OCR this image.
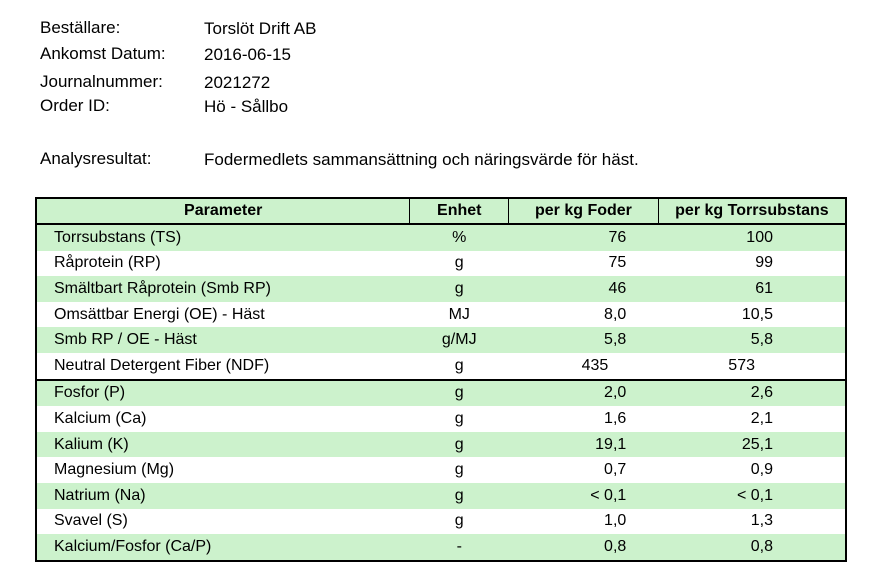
Beställare:	Torslöt Drift AB
Ankomst Datum: 2016-06-15
Journalnummer: 2021272
Order ID:	Hö - Sållbo
Analysresultat:	Fodermedlets sammansättning och näringsvärde för häst.
Parameter	Enhet	per kg Foder	per kg Torrsubstans
Torrsubstans (TS)	%	76	100
Råprotein (RP)	g	75	99
Smältbart Råprotein (Smb RP)	g	46	61
Omsättbar Energi (OE) - Häst	MJ	8,0	10,5
Smb RP / OE - Häst	g/MJ	5,8	5,8
Neutral Detergent Fiber (NDF)	g	435	573
Fosfor (P)	g	2,0	2,6
Kalcium (Ca)	g	1,6	2,1
Kalium (K)	g	19,1	25,1
Magnesium (Mg)	g	0,7	0,9
Natrium (Na)	g	< 0,1	< 0,1
Svavel (S)	g	1,0	1,3
Kalcium/Fosfor (Ca/P)	-	0,8	0,8
